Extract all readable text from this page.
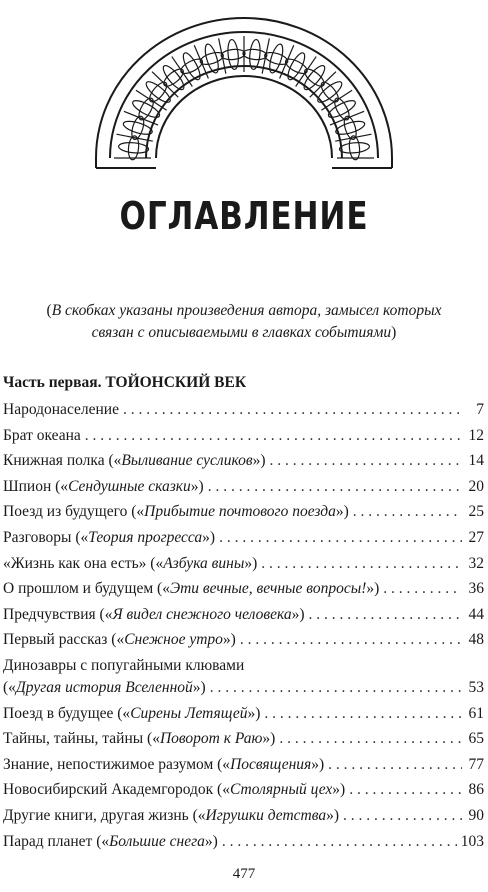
ОГЛАВЛЕНИЕ
(В скобках указаны произведения автора, замысел которых
связан с описываемыми в главках событиями)
Часть первая. ТОЙОНСКИЙ ВЕК
Народонаселение . . .	7
Брат океана . . .	12
Книжная полка («Выливание сусликов») . . .	14
Шпион («Сендушные сказки») . . .	20
Поезд из будущего («Прибытие почтового поезда») . . .	25
Разговоры («Теория прогресса») . . .	27
«Жизнь как она есть» («Азбука вины») . . .	32
О прошлом и будущем («Эти вечные, вечные вопросы!») . . .	36
Предчувствия («Я видел снежного человека») . . .	44
Первый рассказ («Снежное утро») . . .	48
Динозавры с попугайными клювами
(«Другая история Вселенной») . . .	53
Поезд в будущее («Сирены Летящей») . . .	61
Тайны, тайны, тайны («Поворот к Раю») . . .	65
Знание, непостижимое разумом («Посвящения») . . .	77
Новосибирский Академгородок («Столярный цех») . . .	86
Другие книги, другая жизнь («Игрушки детства») . . .	90
Парад планет («Большие снега») . . .	103
477
